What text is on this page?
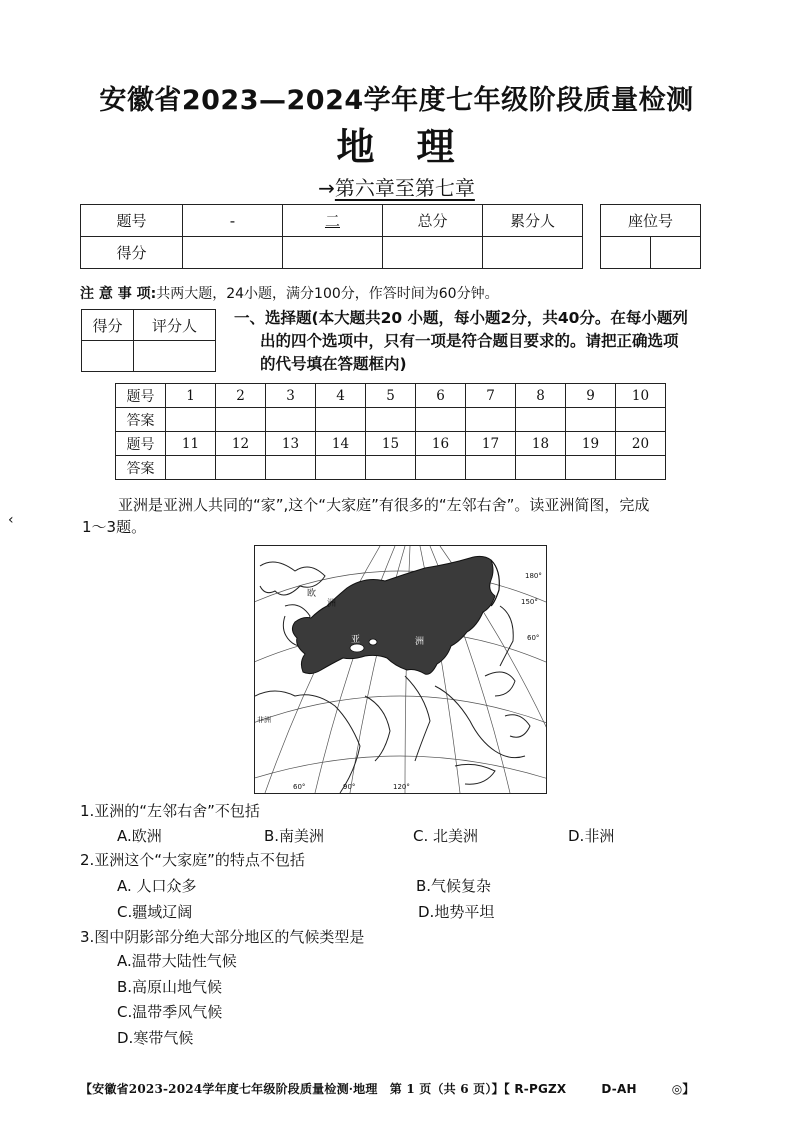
安徽省2023—2024学年度七年级阶段质量检测
地　理
→第六章至第七章
题号	-	二	总分	累分人
得分				
座位号

注 意 事 项:共两大题，24小题，满分100分，作答时间为60分钟。
得分	评分人
	一、选择题(本大题共20 小题，每小题2分，共40分。在每小题列
出的四个选项中，只有一项是符合题目要求的。请把正确选项
的代号填在答题框内)
题号	1	2	3	4	5	6	7	8	9	10
答案										
题号	11	12	13	14	15	16	17	18	19	20
答案										
‹
亚洲是亚洲人共同的“家”,这个“大家庭”有很多的“左邻右舍”。读亚洲简图，完成
1～3题。
欧
洲
亚	洲
非洲
60°	90°	120°
150°
180°
60°
1.亚洲的“左邻右舍”不包括
A.欧洲	B.南美洲	C. 北美洲	D.非洲
2.亚洲这个“大家庭”的特点不包括
A. 人口众多	B.气候复杂
C.疆域辽阔	D.地势平坦
3.图中阴影部分绝大部分地区的气候类型是
A.温带大陆性气候
B.高原山地气候
C.温带季风气候
D.寒带气候
【安徽省2023-2024学年度七年级阶段质量检测·地理　第 1 页（共 6 页）】【 R-PGZX	D-AH	◎】
